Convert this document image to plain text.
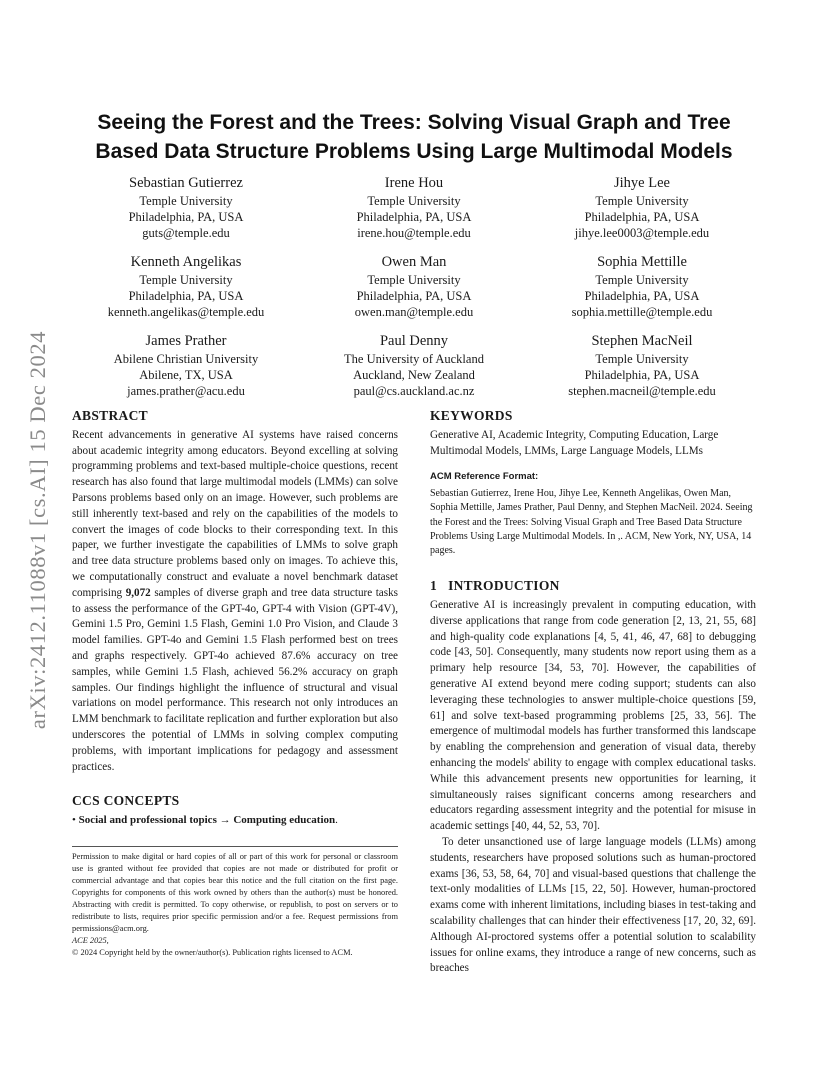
arXiv:2412.11088v1 [cs.AI] 15 Dec 2024
Seeing the Forest and the Trees: Solving Visual Graph and Tree Based Data Structure Problems Using Large Multimodal Models
Sebastian Gutierrez
Temple University
Philadelphia, PA, USA
guts@temple.edu
Irene Hou
Temple University
Philadelphia, PA, USA
irene.hou@temple.edu
Jihye Lee
Temple University
Philadelphia, PA, USA
jihye.lee0003@temple.edu
Kenneth Angelikas
Temple University
Philadelphia, PA, USA
kenneth.angelikas@temple.edu
Owen Man
Temple University
Philadelphia, PA, USA
owen.man@temple.edu
Sophia Mettille
Temple University
Philadelphia, PA, USA
sophia.mettille@temple.edu
James Prather
Abilene Christian University
Abilene, TX, USA
james.prather@acu.edu
Paul Denny
The University of Auckland
Auckland, New Zealand
paul@cs.auckland.ac.nz
Stephen MacNeil
Temple University
Philadelphia, PA, USA
stephen.macneil@temple.edu
ABSTRACT

Recent advancements in generative AI systems have raised concerns about academic integrity among educators. Beyond excelling at solving programming problems and text-based multiple-choice questions, recent research has also found that large multimodal models (LMMs) can solve Parsons problems based only on an image. However, such problems are still inherently text-based and rely on the capabilities of the models to convert the images of code blocks to their corresponding text. In this paper, we further investigate the capabilities of LMMs to solve graph and tree data structure problems based only on images. To achieve this, we computationally construct and evaluate a novel benchmark dataset comprising 9,072 samples of diverse graph and tree data structure tasks to assess the performance of the GPT-4o, GPT-4 with Vision (GPT-4V), Gemini 1.5 Pro, Gemini 1.5 Flash, Gemini 1.0 Pro Vision, and Claude 3 model families. GPT-4o and Gemini 1.5 Flash performed best on trees and graphs respectively. GPT-4o achieved 87.6% accuracy on tree samples, while Gemini 1.5 Flash, achieved 56.2% accuracy on graph samples. Our findings highlight the influence of structural and visual variations on model performance. This research not only introduces an LMM benchmark to facilitate replication and further exploration but also underscores the potential of LMMs in solving complex computing problems, with important implications for pedagogy and assessment practices.

CCS CONCEPTS
• Social and professional topics → Computing education.
Permission to make digital or hard copies of all or part of this work for personal or classroom use is granted without fee provided that copies are not made or distributed for profit or commercial advantage and that copies bear this notice and the full citation on the first page. Copyrights for components of this work owned by others than the author(s) must be honored. Abstracting with credit is permitted. To copy otherwise, or republish, to post on servers or to redistribute to lists, requires prior specific permission and/or a fee. Request permissions from permissions@acm.org.
ACE 2025,
© 2024 Copyright held by the owner/author(s). Publication rights licensed to ACM.
KEYWORDS

Generative AI, Academic Integrity, Computing Education, Large Multimodal Models, LMMs, Large Language Models, LLMs

ACM Reference Format:

Sebastian Gutierrez, Irene Hou, Jihye Lee, Kenneth Angelikas, Owen Man, Sophia Mettille, James Prather, Paul Denny, and Stephen MacNeil. 2024. Seeing the Forest and the Trees: Solving Visual Graph and Tree Based Data Structure Problems Using Large Multimodal Models. In ,. ACM, New York, NY, USA, 14 pages.

1   INTRODUCTION

Generative AI is increasingly prevalent in computing education, with diverse applications that range from code generation [2, 13, 21, 55, 68] and high-quality code explanations [4, 5, 41, 46, 47, 68] to debugging code [43, 50]. Consequently, many students now report using them as a primary help resource [34, 53, 70]. However, the capabilities of generative AI extend beyond mere coding support; students can also leveraging these technologies to answer multiple-choice questions [59, 61] and solve text-based programming problems [25, 33, 56]. The emergence of multimodal models has further transformed this landscape by enabling the comprehension and generation of visual data, thereby enhancing the models' ability to engage with complex educational tasks. While this advancement presents new opportunities for learning, it simultaneously raises significant concerns among researchers and educators regarding assessment integrity and the potential for misuse in academic settings [40, 44, 52, 53, 70].

To deter unsanctioned use of large language models (LLMs) among students, researchers have proposed solutions such as human-proctored exams [36, 53, 58, 64, 70] and visual-based questions that challenge the text-only modalities of LLMs [15, 22, 50]. However, human-proctored exams come with inherent limitations, including biases in test-taking and scalability challenges that can hinder their effectiveness [17, 20, 32, 69]. Although AI-proctored systems offer a potential solution to scalability issues for online exams, they introduce a range of new concerns, such as breaches
